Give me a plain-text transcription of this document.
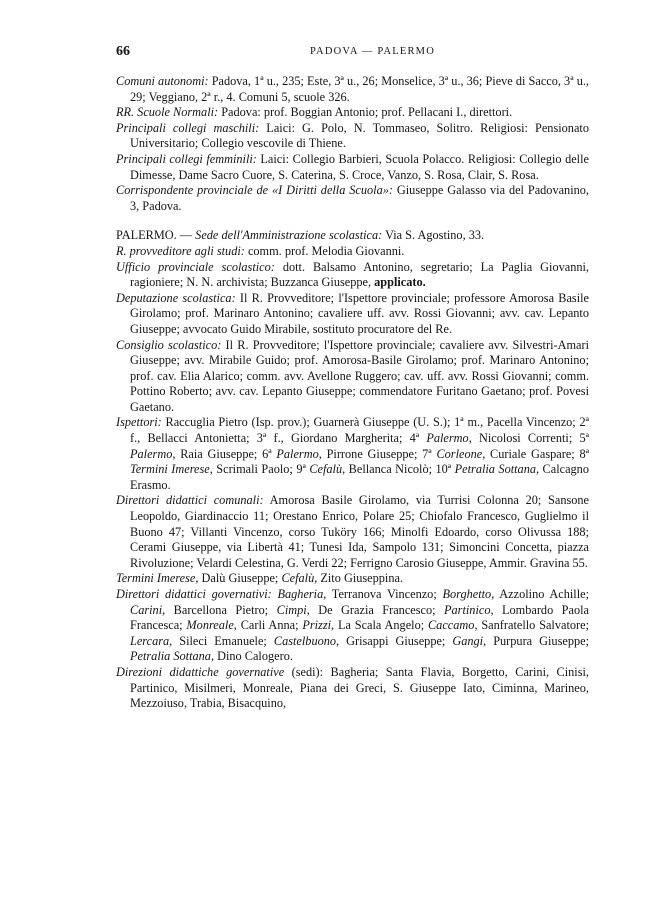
66	PADOVA — PALERMO

Comuni autonomi: Padova, 1ª u., 235; Este, 3ª u., 26; Monselice, 3ª u., 36; Pieve di Sacco, 3ª u., 29; Veggiano, 2ª r., 4. Comuni 5, scuole 326.

RR. Scuole Normali: Padova: prof. Boggian Antonio; prof. Pellacani I., direttori.

Principali collegi maschili: Laici: G. Polo, N. Tommaseo, Solitro. Religiosi: Pensionato Universitario; Collegio vescovile di Thiene.

Principali collegi femminili: Laici: Collegio Barbieri, Scuola Polacco. Religiosi: Collegio delle Dimesse, Dame Sacro Cuore, S. Caterina, S. Croce, Vanzo, S. Rosa, Clair, S. Rosa.

Corrispondente provinciale de «I Diritti della Scuola»: Giuseppe Galasso via del Padovanino, 3, Padova.

PALERMO. — Sede dell'Amministrazione scolastica: Via S. Agostino, 33.

R. provveditore agli studi: comm. prof. Melodia Giovanni.

Ufficio provinciale scolastico: dott. Balsamo Antonino, segretario; La Paglia Giovanni, ragioniere; N. N. archivista; Buzzanca Giuseppe, applicato.

Deputazione scolastica: Il R. Provveditore; l'Ispettore provinciale; professore Amorosa Basile Girolamo; prof. Marinaro Antonino; cavaliere uff. avv. Rossi Giovanni; avv. cav. Lepanto Giuseppe; avvocato Guido Mirabile, sostituto procuratore del Re.

Consiglio scolastico: Il R. Provveditore; l'Ispettore provinciale; cavaliere avv. Silvestri-Amari Giuseppe; avv. Mirabile Guido; prof. Amorosa-Basile Girolamo; prof. Marinaro Antonino; prof. cav. Elia Alarico; comm. avv. Avellone Ruggero; cav. uff. avv. Rossi Giovanni; comm. Pottino Roberto; avv. cav. Lepanto Giuseppe; commendatore Furitano Gaetano; prof. Povesi Gaetano.

Ispettori: Raccuglia Pietro (Isp. prov.); Guarnerà Giuseppe (U. S.); 1ª m., Pacella Vincenzo; 2ª f., Bellacci Antonietta; 3ª f., Giordano Margherita; 4ª Palermo, Nicolosi Correnti; 5ª Palermo, Raia Giuseppe; 6ª Palermo, Pirrone Giuseppe; 7ª Corleone, Curiale Gaspare; 8ª Termini Imerese, Scrimali Paolo; 9ª Cefalù, Bellanca Nicolò; 10ª Petralia Sottana, Calcagno Erasmo.

Direttori didattici comunali: Amorosa Basile Girolamo, via Turrisi Colonna 20; Sansone Leopoldo, Giardinaccio 11; Orestano Enrico, Polare 25; Chiofalo Francesco, Guglielmo il Buono 47; Villanti Vincenzo, corso Tuköry 166; Minolfi Edoardo, corso Olivussa 188; Cerami Giuseppe, via Libertà 41; Tunesi Ida, Sampolo 131; Simoncini Concetta, piazza Rivoluzione; Velardi Celestina, G. Verdi 22; Ferrigno Carosio Giuseppe, Ammir. Gravina 55.

Termini Imerese, Dalù Giuseppe; Cefalù, Zito Giuseppina.

Direttori didattici governativi: Bagheria, Terranova Vincenzo; Borghetto, Azzolino Achille; Carini, Barcellona Pietro; Cimpi, De Grazia Francesco; Partinico, Lombardo Paola Francesca; Monreale, Carli Anna; Prizzi, La Scala Angelo; Caccamo, Sanfratello Salvatore; Lercara, Sileci Emanuele; Castelbuono, Grisappi Giuseppe; Gangi, Purpura Giuseppe; Petralia Sottana, Dino Calogero.

Direzioni didattiche governative (sedi): Bagheria; Santa Flavia, Borgetto, Carini, Cinisi, Partinico, Misilmeri, Monreale, Piana dei Greci, S. Giuseppe Iato, Ciminna, Marineo, Mezzoiuso, Trabia, Bisacquino,
